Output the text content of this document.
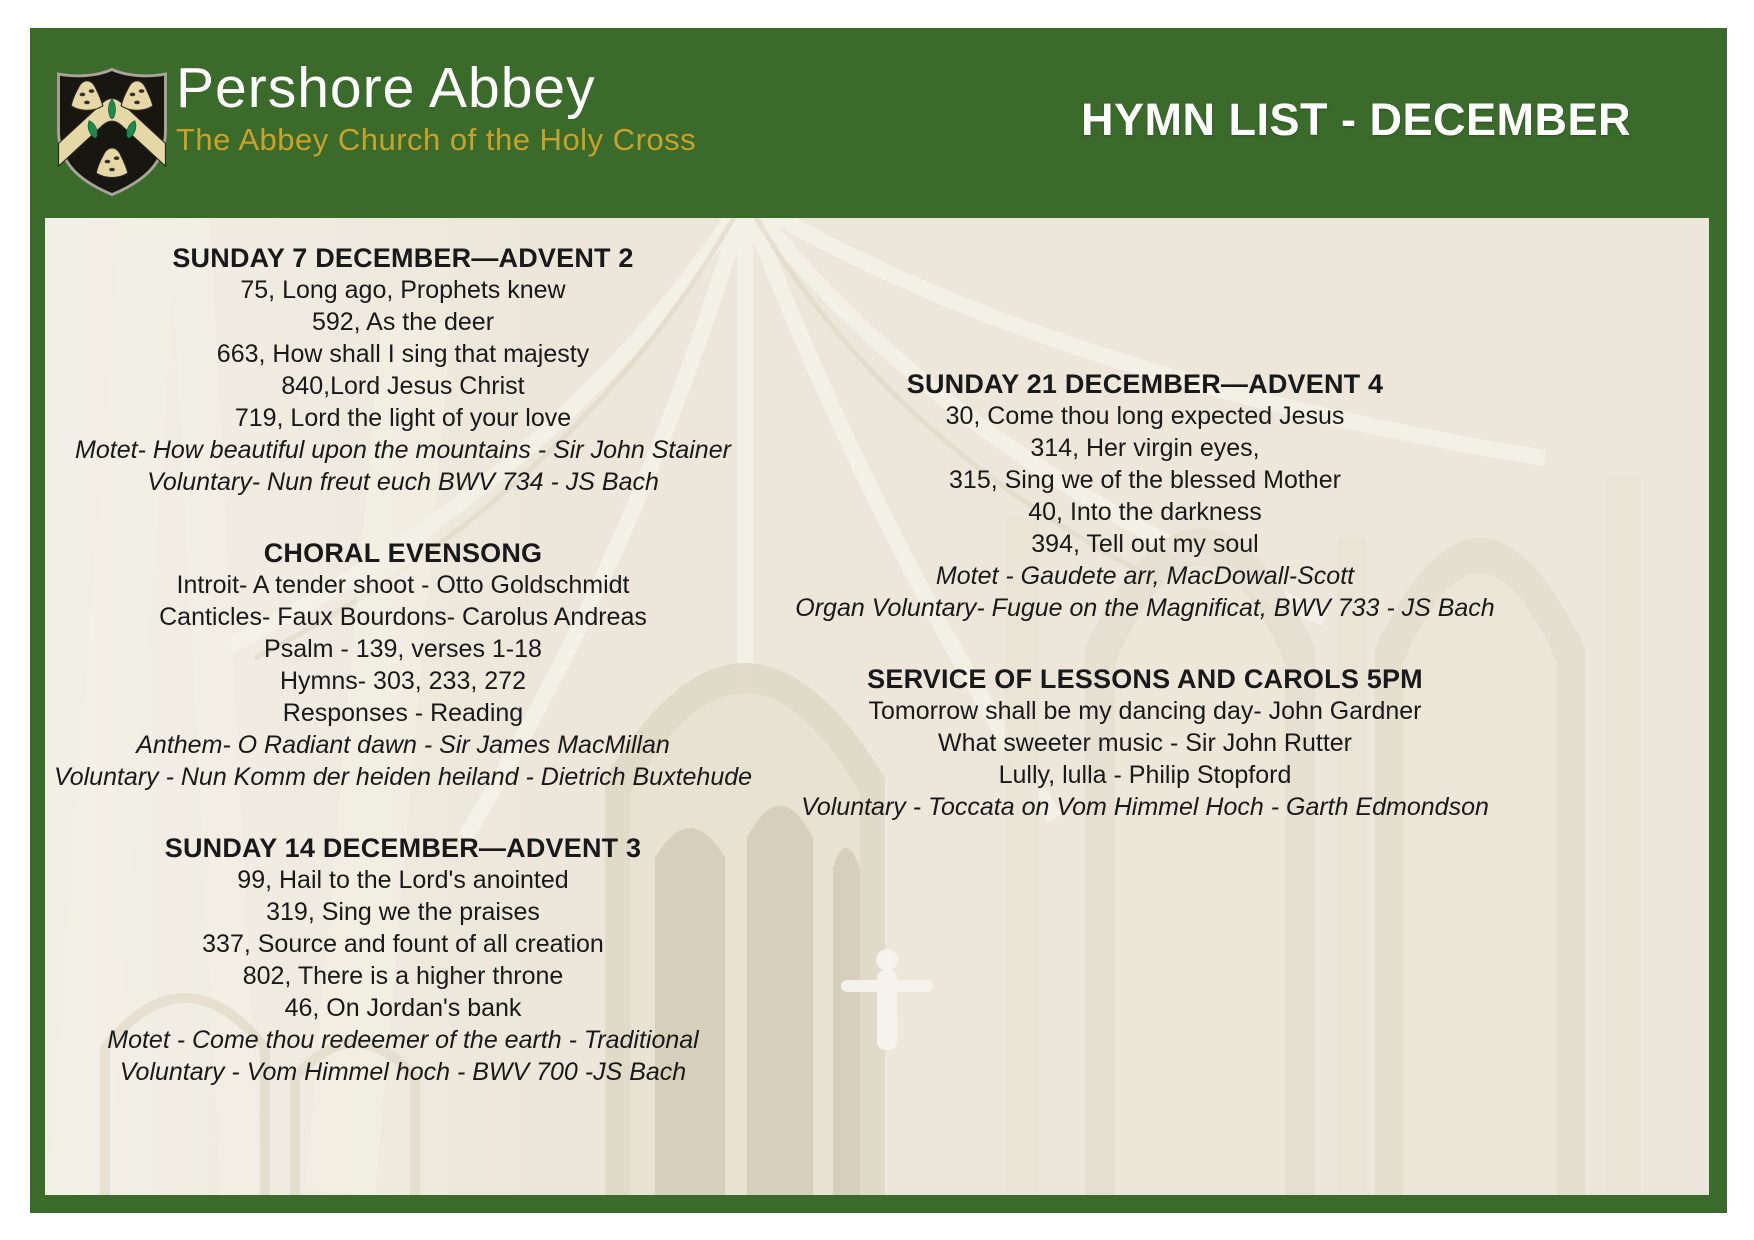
Pershore Abbey
The Abbey Church of the Holy Cross	HYMN LIST - DECEMBER
SUNDAY 7 DECEMBER—ADVENT 2
75, Long ago, Prophets knew
592, As the deer
663, How shall I sing that majesty
840,Lord Jesus Christ
719, Lord the light of your love
Motet- How beautiful upon the mountains - Sir John Stainer
Voluntary- Nun freut euch BWV 734 - JS Bach
CHORAL EVENSONG
Introit- A tender shoot - Otto Goldschmidt
Canticles- Faux Bourdons- Carolus Andreas
Psalm - 139, verses 1-18
Hymns- 303, 233, 272
Responses - Reading
Anthem- O Radiant dawn - Sir James MacMillan
Voluntary - Nun Komm der heiden heiland - Dietrich Buxtehude
SUNDAY 14 DECEMBER—ADVENT 3
99, Hail to the Lord's anointed
319, Sing we the praises
337, Source and fount of all creation
802, There is a higher throne
46, On Jordan's bank
Motet - Come thou redeemer of the earth - Traditional
Voluntary - Vom Himmel hoch - BWV 700 -JS Bach
SUNDAY 21 DECEMBER—ADVENT 4
30, Come thou long expected Jesus
314, Her virgin eyes,
315, Sing we of the blessed Mother
40, Into the darkness
394, Tell out my soul
Motet - Gaudete arr, MacDowall-Scott
Organ Voluntary- Fugue on the Magnificat, BWV 733 - JS Bach
SERVICE OF LESSONS AND CAROLS 5PM
Tomorrow shall be my dancing day- John Gardner
What sweeter music - Sir John Rutter
Lully, lulla - Philip Stopford
Voluntary - Toccata on Vom Himmel Hoch - Garth Edmondson
